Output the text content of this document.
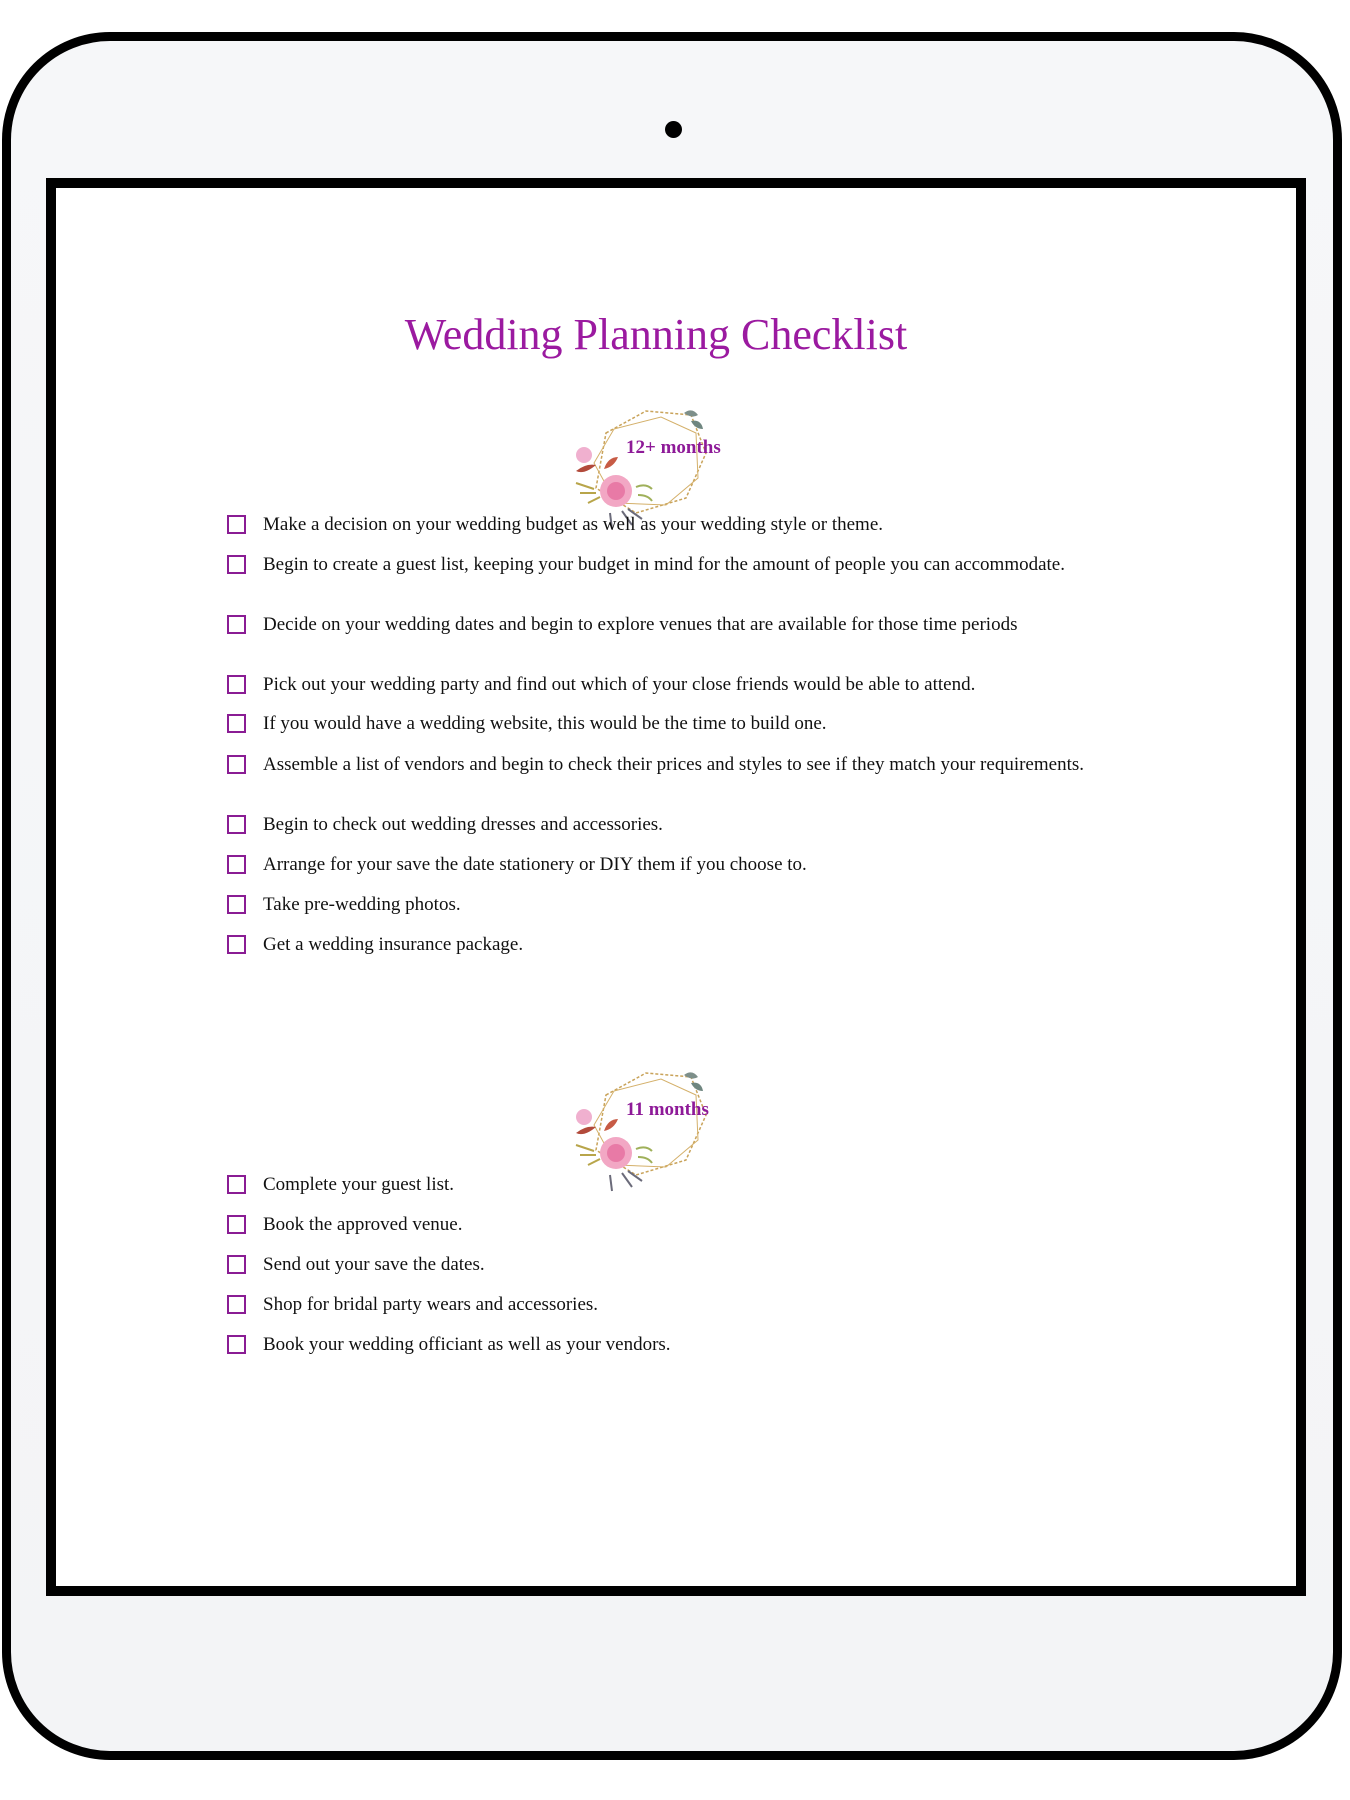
Wedding Planning Checklist
12+ months
Make a decision on your wedding budget as well as your wedding style or theme.
Begin to create a guest list, keeping your budget in mind for the amount of people you can accommodate.
Decide on your wedding dates and begin to explore venues that are available for those time periods
Pick out your wedding party and find out which of your close friends would be able to attend.
If you would have a wedding website, this would be the time to build one.
Assemble a list of vendors and begin to check their prices and styles to see if they match your requirements.
Begin to check out wedding dresses and accessories.
Arrange for your save the date stationery or DIY them if you choose to.
Take pre-wedding photos.
Get a wedding insurance package.
11 months
Complete your guest list.
Book the approved venue.
Send out your save the dates.
Shop for bridal party wears and accessories.
Book your wedding officiant as well as your vendors.
